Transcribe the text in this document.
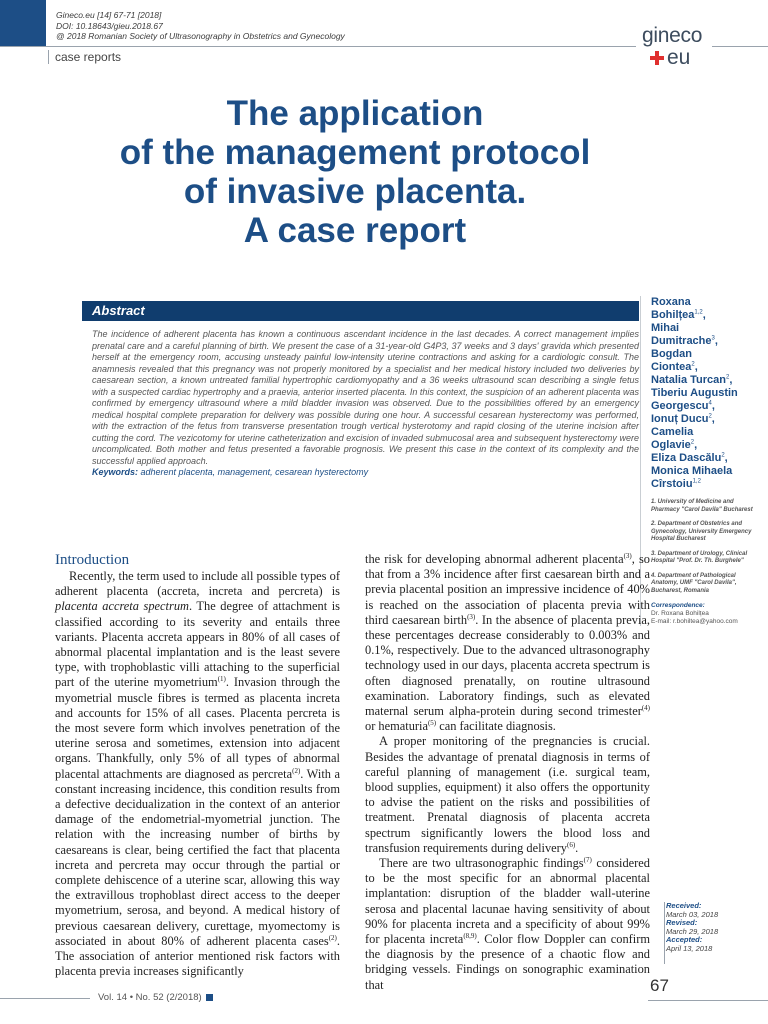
Gineco.eu [14] 67-71 [2018]
DOI: 10.18643/gieu.2018.67
@ 2018 Romanian Society of Ultrasonography in Obstetrics and Gynecology
case reports
gineco
eu
The application
of the management protocol
of invasive placenta.
A case report
Abstract
The incidence of adherent placenta has known a continuous ascendant incidence in the last decades. A correct management implies prenatal care and a careful planning of birth. We present the case of a 31-year-old G4P3, 37 weeks and 3 days' gravida which presented herself at the emergency room, accusing unsteady painful low-intensity uterine contractions and asking for a cardiologic consult. The anamnesis revealed that this pregnancy was not properly monitored by a specialist and her medical history included two deliveries by caesarean section, a known untreated familial hypertrophic cardiomyopathy and a 36 weeks ultrasound scan describing a single fetus with a suspected cardiac hypertrophy and a praevia, anterior inserted placenta. In this context, the suspicion of an adherent placenta was confirmed by emergency ultrasound where a mild bladder invasion was observed. Due to the possibilities offered by an emergency medical hospital complete preparation for delivery was possible during one hour. A successful cesarean hysterectomy was performed, with the extraction of the fetus from transverse presentation trough vertical hysterotomy and rapid closing of the uterine incision after cutting the cord. The vezicotomy for uterine catheterization and excision of invaded submucosal area and subsequent hysterectomy were uncomplicated. Both mother and fetus presented a favorable prognosis. We present this case in the context of its complexity and the successful applied approach.
Keywords: adherent placenta, management, cesarean hysterectomy
Roxana
Bohilțea$^{1,2}$,
Mihai
Dumitrache$^3$,
Bogdan
Ciontea$^2$,
Natalia Turcan$^2$,
Tiberiu Augustin
Georgescu$^4$,
Ionuț Ducu$^2$,
Camelia
Oglavie$^2$,
Eliza Dascălu$^2$,
Monica Mihaela
Cîrstoiu$^{1,2}$
1. University of Medicine and Pharmacy "Carol Davila" Bucharest
2. Department of Obstetrics and Gynecology, University Emergency Hospital Bucharest
3. Department of Urology, Clinical Hospital "Prof. Dr. Th. Burghele"
4. Department of Pathological Anatomy, UMF "Carol Davila", Bucharest, Romania
Correspondence:
Dr. Roxana Bohilțea
E-mail: r.bohiltea@yahoo.com
Received:
March 03, 2018
Revised:
March 29, 2018
Accepted:
April 13, 2018
Introduction

Recently, the term used to include all possible types of adherent placenta (accreta, increta and percreta) is placenta accreta spectrum. The degree of attachment is classified according to its severity and entails three variants. Placenta accreta appears in 80% of all cases of abnormal placental implantation and is the least severe type, with trophoblastic villi attaching to the superficial part of the uterine myometrium$^{(1)}$. Invasion through the myometrial muscle fibres is termed as placenta increta and accounts for 15% of all cases. Placenta percreta is the most severe form which involves penetration of the uterine serosa and sometimes, extension into adjacent organs. Thankfully, only 5% of all types of abnormal placental attachments are diagnosed as percreta$^{(2)}$. With a constant increasing incidence, this condition results from a defective decidualization in the context of an anterior damage of the endometrial-myometrial junction. The relation with the increasing number of births by caesareans is clear, being certified the fact that placenta increta and percreta may occur through the partial or complete dehiscence of a uterine scar, allowing this way the extravillous trophoblast direct access to the deeper myometrium, serosa, and beyond. A medical history of previous caesarean delivery, curettage, myomectomy is associated in about 80% of adherent placenta cases$^{(2)}$. The association of anterior mentioned risk factors with placenta previa increases significantly

the risk for developing abnormal adherent placenta$^{(3)}$, so that from a 3% incidence after first caesarean birth and a previa placental position an impressive incidence of 40% is reached on the association of placenta previa with third caesarean birth$^{(3)}$. In the absence of placenta previa, these percentages decrease considerably to 0.003% and 0.1%, respectively. Due to the advanced ultrasonography technology used in our days, placenta accreta spectrum is often diagnosed prenatally, on routine ultrasound examination. Laboratory findings, such as elevated maternal serum alpha-protein during second trimester$^{(4)}$ or hematuria$^{(5)}$ can facilitate diagnosis.

A proper monitoring of the pregnancies is crucial. Besides the advantage of prenatal diagnosis in terms of careful planning of management (i.e. surgical team, blood supplies, equipment) it also offers the opportunity to advise the patient on the risks and possibilities of treatment. Prenatal diagnosis of placenta accreta spectrum significantly lowers the blood loss and transfusion requirements during delivery$^{(6)}$.

There are two ultrasonographic findings$^{(7)}$ considered to be the most specific for an abnormal placental implantation: disruption of the bladder wall-uterine serosa and placental lacunae having sensitivity of about 90% for placenta increta and a specificity of about 99% for placenta increta$^{(8,9)}$. Color flow Doppler can confirm the diagnosis by the presence of a chaotic flow and bridging vessels. Findings on sonographic examination that

Vol. 14 • No. 52 (2/2018)
67
